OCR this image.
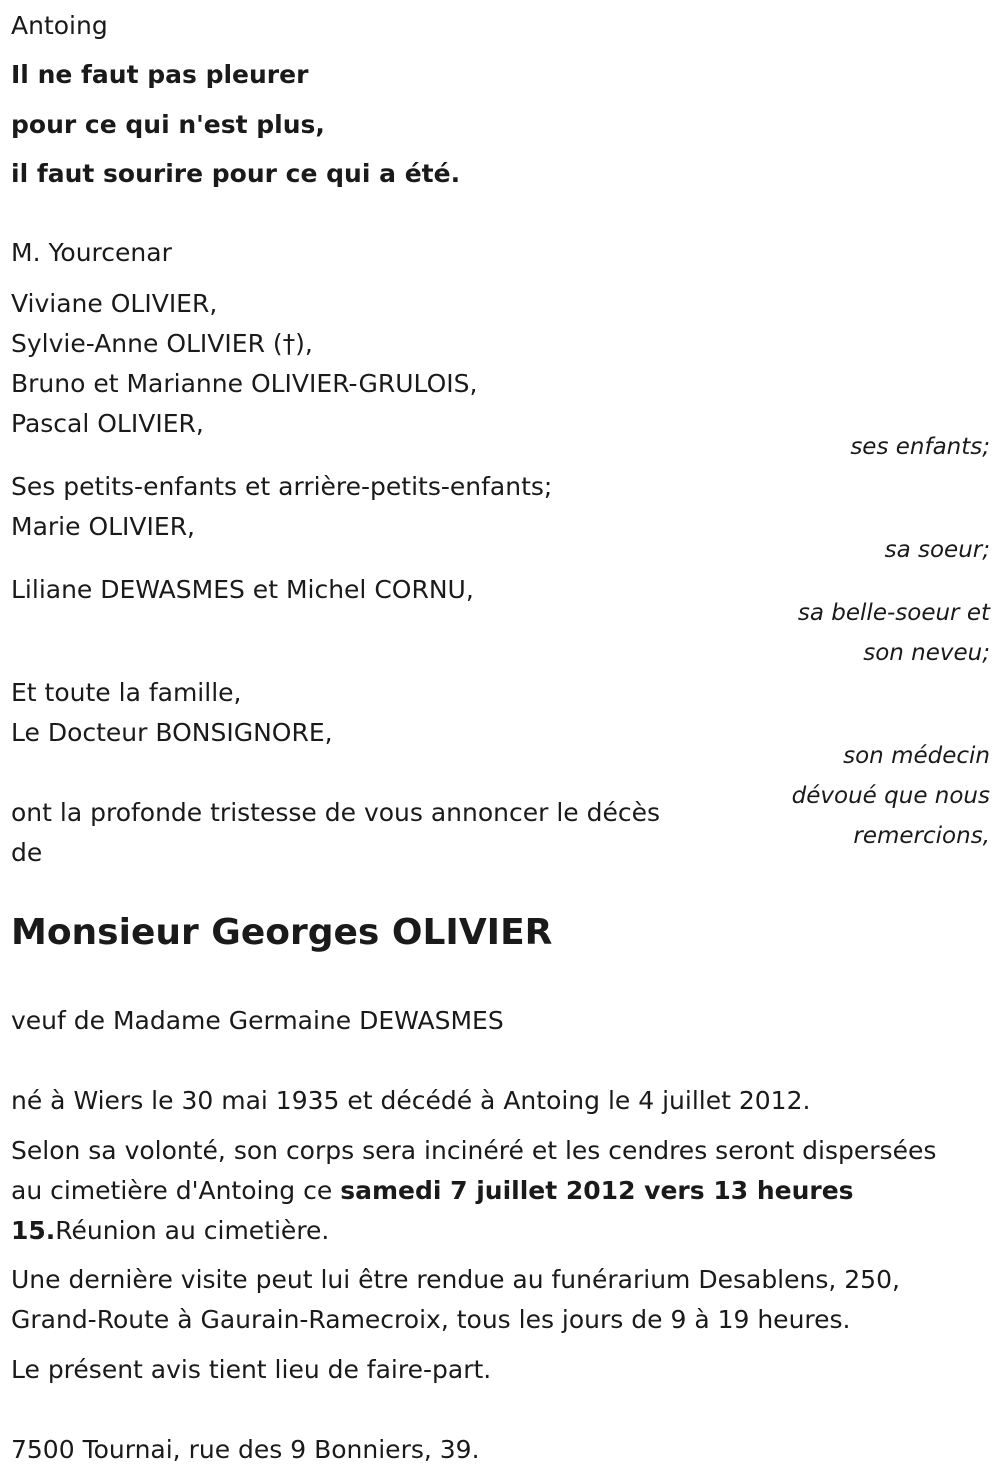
Antoing
Il ne faut pas pleurer
pour ce qui n'est plus,
il faut sourire pour ce qui a été.
M. Yourcenar
Viviane OLIVIER,
Sylvie-Anne OLIVIER (†),
Bruno et Marianne OLIVIER-GRULOIS,
Pascal OLIVIER,
ses enfants;
Ses petits-enfants et arrière-petits-enfants;
Marie OLIVIER,
sa soeur;
Liliane DEWASMES et Michel CORNU,
sa belle-soeur et
son neveu;
Et toute la famille,
Le Docteur BONSIGNORE,
son médecin
dévoué que nous
remercions,
ont la profonde tristesse de vous annoncer le décès
de
Monsieur Georges OLIVIER
veuf de Madame Germaine DEWASMES
né à Wiers le 30 mai 1935 et décédé à Antoing le 4 juillet 2012.
Selon sa volonté, son corps sera incinéré et les cendres seront dispersées
au cimetière d'Antoing ce samedi 7 juillet 2012 vers 13 heures
15.Réunion au cimetière.
Une dernière visite peut lui être rendue au funérarium Desablens, 250,
Grand-Route à Gaurain-Ramecroix, tous les jours de 9 à 19 heures.
Le présent avis tient lieu de faire-part.
7500 Tournai, rue des 9 Bonniers, 39.
